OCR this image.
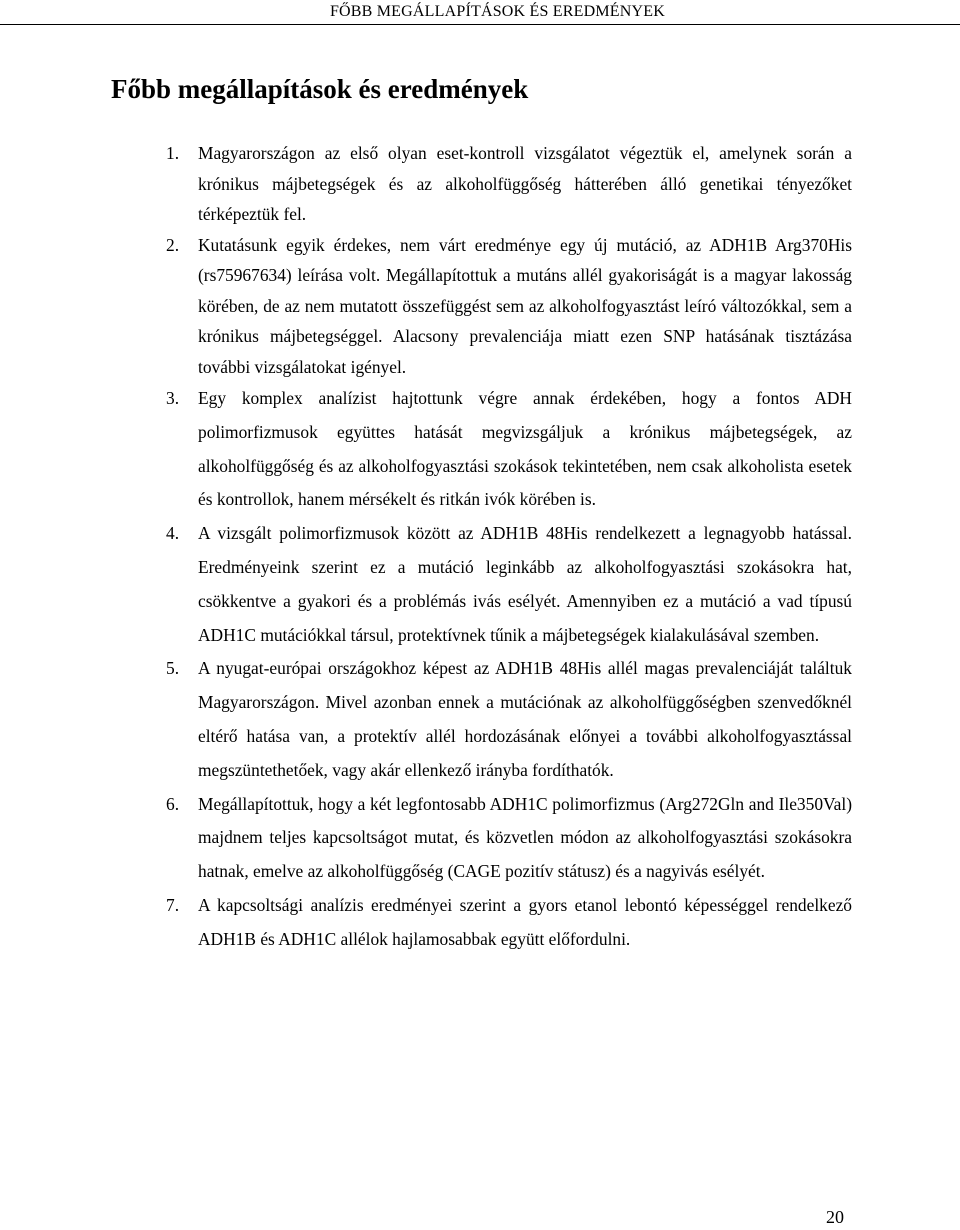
FŐBB MEGÁLLAPÍTÁSOK ÉS EREDMÉNYEK
Főbb megállapítások és eredmények
1. Magyarországon az első olyan eset-kontroll vizsgálatot végeztük el, amelynek során a krónikus májbetegségek és az alkoholfüggőség hátterében álló genetikai tényezőket térképeztük fel.
2. Kutatásunk egyik érdekes, nem várt eredménye egy új mutáció, az ADH1B Arg370His (rs75967634) leírása volt. Megállapítottuk a mutáns allél gyakoriságát is a magyar lakosság körében, de az nem mutatott összefüggést sem az alkoholfogyasztást leíró változókkal, sem a krónikus májbetegséggel. Alacsony prevalenciája miatt ezen SNP hatásának tisztázása további vizsgálatokat igényel.
3. Egy komplex analízist hajtottunk végre annak érdekében, hogy a fontos ADH polimorfizmusok együttes hatását megvizsgáljuk a krónikus májbetegségek, az alkoholfüggőség és az alkoholfogyasztási szokások tekintetében, nem csak alkoholista esetek és kontrollok, hanem mérsékelt és ritkán ivók körében is.
4. A vizsgált polimorfizmusok között az ADH1B 48His rendelkezett a legnagyobb hatással. Eredményeink szerint ez a mutáció leginkább az alkoholfogyasztási szokásokra hat, csökkentve a gyakori és a problémás ivás esélyét. Amennyiben ez a mutáció a vad típusú ADH1C mutációkkal társul, protektívnek tűnik a májbetegségek kialakulásával szemben.
5. A nyugat-európai országokhoz képest az ADH1B 48His allél magas prevalenciáját találtuk Magyarországon. Mivel azonban ennek a mutációnak az alkoholfüggőségben szenvedőknél eltérő hatása van, a protektív allél hordozásának előnyei a további alkoholfogyasztással megszüntethetőek, vagy akár ellenkező irányba fordíthatók.
6. Megállapítottuk, hogy a két legfontosabb ADH1C polimorfizmus (Arg272Gln and Ile350Val) majdnem teljes kapcsoltságot mutat, és közvetlen módon az alkoholfogyasztási szokásokra hatnak, emelve az alkoholfüggőség (CAGE pozitív státusz) és a nagyivás esélyét.
7. A kapcsoltsági analízis eredményei szerint a gyors etanol lebontó képességgel rendelkező ADH1B és ADH1C allélok hajlamosabbak együtt előfordulni.
20
